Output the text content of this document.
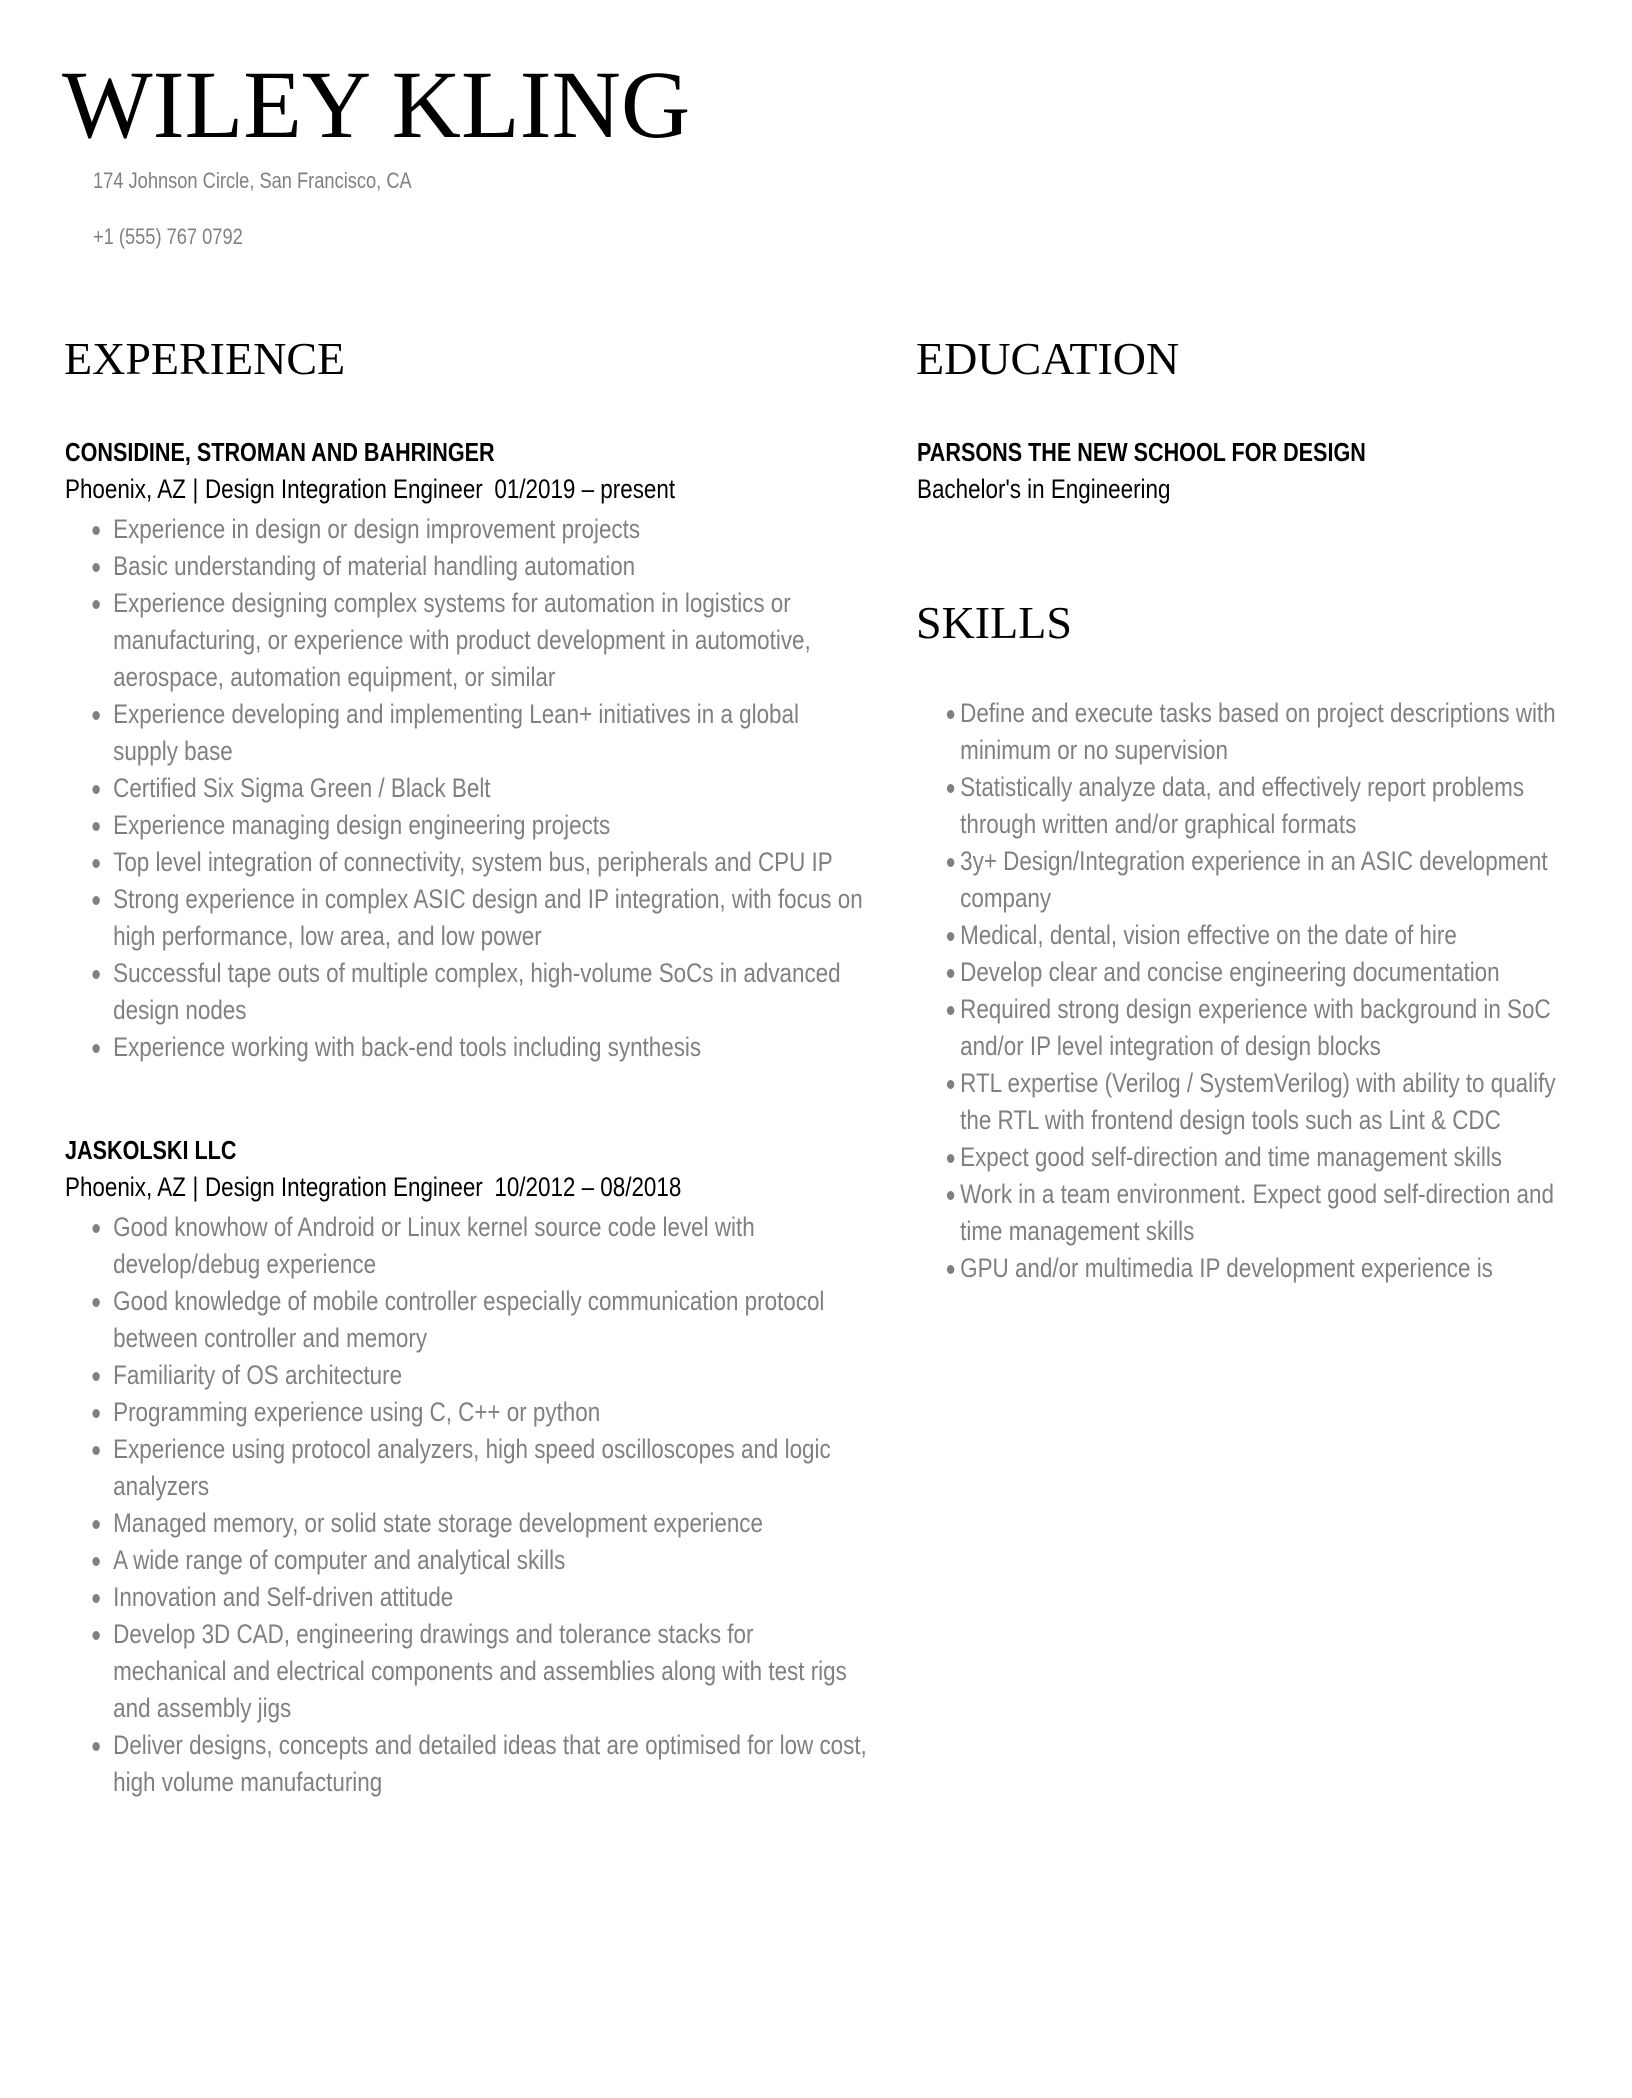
WILEY KLING
174 Johnson Circle, San Francisco, CA
+1 (555) 767 0792
EXPERIENCE	EDUCATION
SKILLS

CONSIDINE, STROMAN AND BAHRINGER

Phoenix, AZ | Design Integration Engineer 01/2019 – present

Experience in design or design improvement projects
Basic understanding of material handling automation
Experience designing complex systems for automation in logistics or manufacturing, or experience with product development in automotive, aerospace, automation equipment, or similar
Experience developing and implementing Lean+ initiatives in a global supply base
Certified Six Sigma Green / Black Belt
Experience managing design engineering projects
Top level integration of connectivity, system bus, peripherals and CPU IP
Strong experience in complex ASIC design and IP integration, with focus on high performance, low area, and low power
Successful tape outs of multiple complex, high-volume SoCs in advanced design nodes
Experience working with back-end tools including synthesis

JASKOLSKI LLC

Phoenix, AZ | Design Integration Engineer 10/2012 – 08/2018

Good knowhow of Android or Linux kernel source code level with develop/debug experience
Good knowledge of mobile controller especially communication protocol between controller and memory
Familiarity of OS architecture
Programming experience using C, C++ or python
Experience using protocol analyzers, high speed oscilloscopes and logic analyzers
Managed memory, or solid state storage development experience
A wide range of computer and analytical skills
Innovation and Self-driven attitude
Develop 3D CAD, engineering drawings and tolerance stacks for mechanical and electrical components and assemblies along with test rigs and assembly jigs
Deliver designs, concepts and detailed ideas that are optimised for low cost, high volume manufacturing

PARSONS THE NEW SCHOOL FOR DESIGN

Bachelor's in Engineering

Define and execute tasks based on project descriptions with minimum or no supervision
Statistically analyze data, and effectively report problems through written and/or graphical formats
3y+ Design/Integration experience in an ASIC development company
Medical, dental, vision effective on the date of hire
Develop clear and concise engineering documentation
Required strong design experience with background in SoC and/or IP level integration of design blocks
RTL expertise (Verilog / SystemVerilog) with ability to qualify the RTL with frontend design tools such as Lint & CDC
Expect good self-direction and time management skills
Work in a team environment. Expect good self-direction and time management skills
GPU and/or multimedia IP development experience is
